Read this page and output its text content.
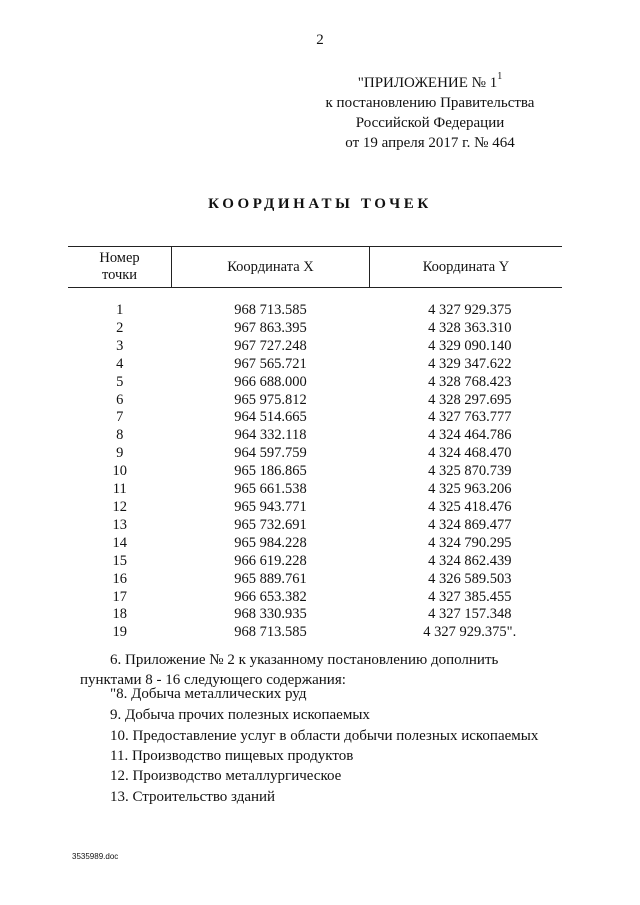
2
"ПРИЛОЖЕНИЕ № $1^1$
к постановлению Правительства
Российской Федерации
от 19 апреля 2017 г. № 464
КООРДИНАТЫ ТОЧЕК
Номер
точки	Координата X	Координата Y

1	968 713.585	4 327 929.375
2	967 863.395	4 328 363.310
3	967 727.248	4 329 090.140
4	967 565.721	4 329 347.622
5	966 688.000	4 328 768.423
6	965 975.812	4 328 297.695
7	964 514.665	4 327 763.777
8	964 332.118	4 324 464.786
9	964 597.759	4 324 468.470
10	965 186.865	4 325 870.739
11	965 661.538	4 325 963.206
12	965 943.771	4 325 418.476
13	965 732.691	4 324 869.477
14	965 984.228	4 324 790.295
15	966 619.228	4 324 862.439
16	965 889.761	4 326 589.503
17	966 653.382	4 327 385.455
18	968 330.935	4 327 157.348
19	968 713.585	4 327 929.375".
6. Приложение № 2 к указанному постановлению дополнить
пунктами 8 - 16 следующего содержания:
"8. Добыча металлических руд
9. Добыча прочих полезных ископаемых
10. Предоставление услуг в области добычи полезных ископаемых
11. Производство пищевых продуктов
12. Производство металлургическое
13. Строительство зданий
3535989.doc
